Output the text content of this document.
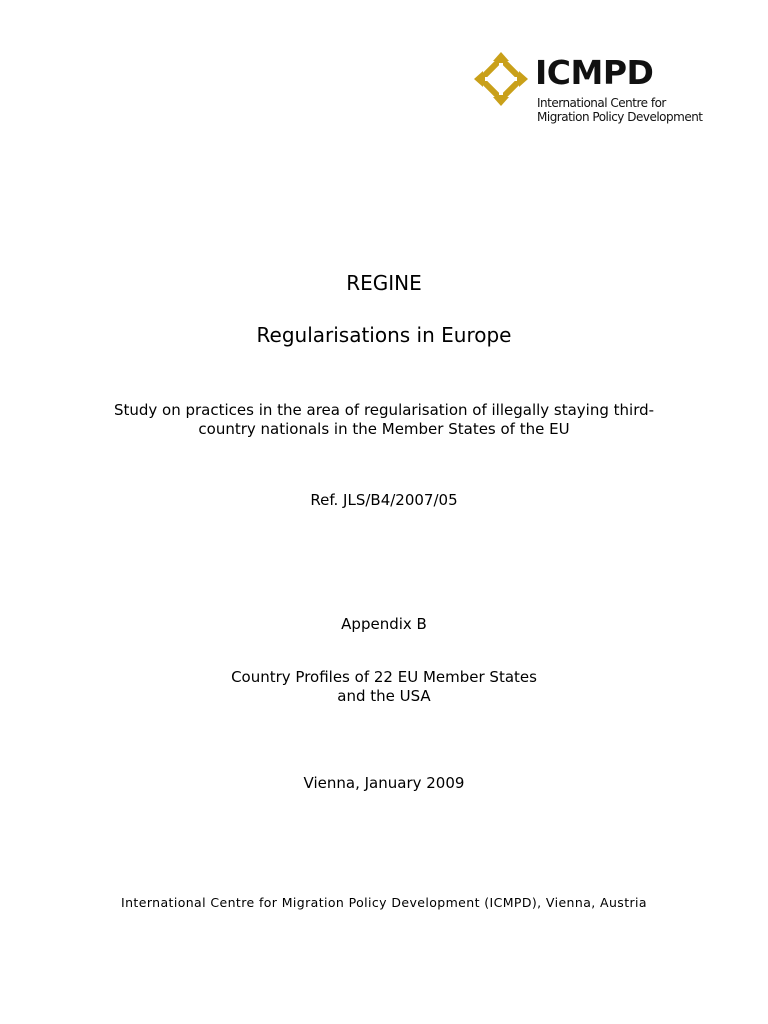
ICMPD
International Centre for
Migration Policy Development
REGINE
Regularisations in Europe
Study on practices in the area of regularisation of illegally staying third-
country nationals in the Member States of the EU
Ref. JLS/B4/2007/05
Appendix B
Country Profiles of 22 EU Member States
and the USA
Vienna, January 2009
International Centre for Migration Policy Development (ICMPD), Vienna, Austria
